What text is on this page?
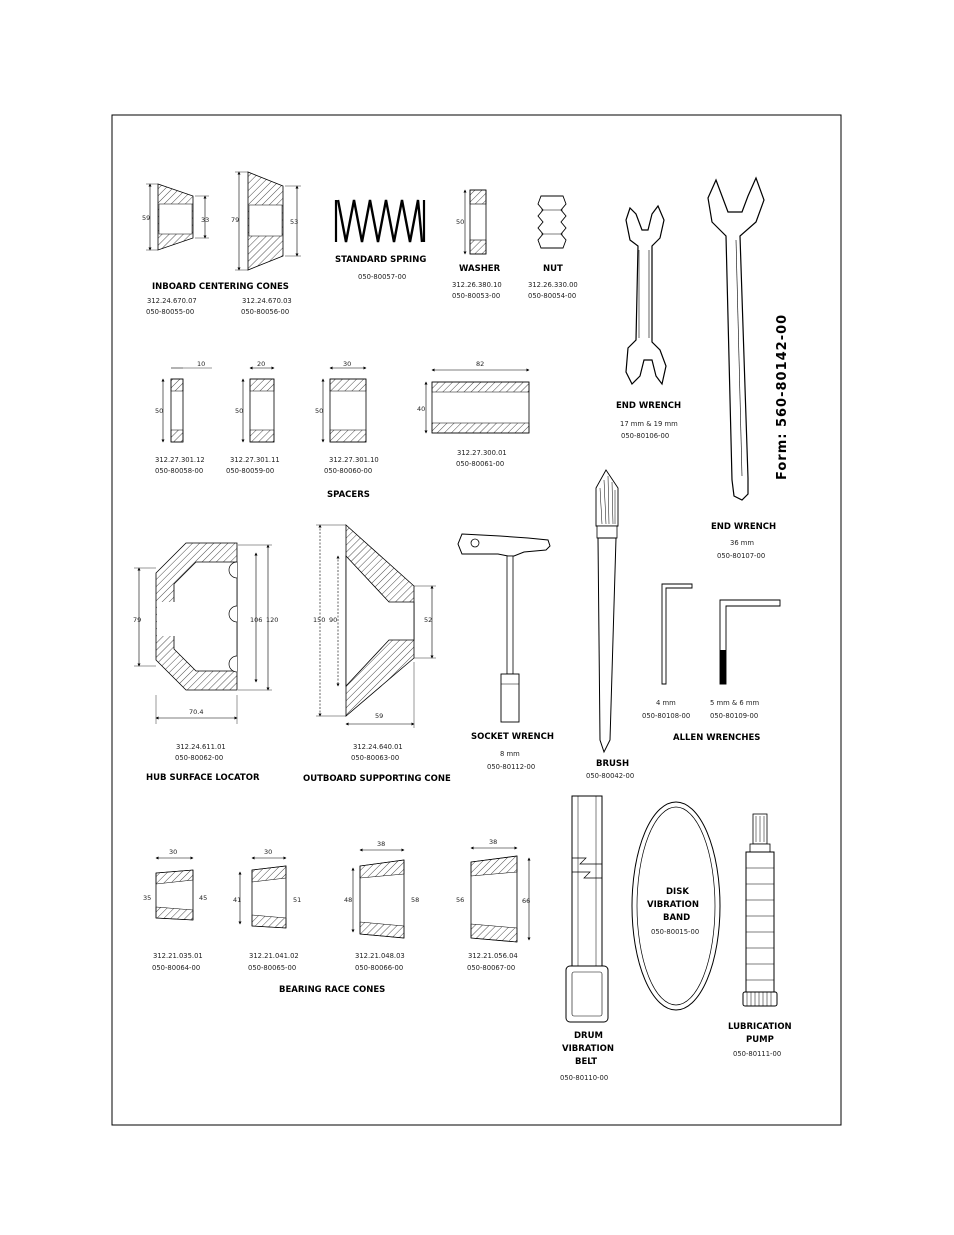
59	33
312.24.670.07
050-80055-00
79	53
312.24.670.03
050-80056-00
INBOARD CENTERING CONES
STANDARD SPRING
050-80057-00
50
WASHER
312.26.380.10
050-80053-00
NUT
312.26.330.00
050-80054-00
END WRENCH
17 mm & 19 mm
050-80106-00
END WRENCH
36 mm
050-80107-00
Form: 560-80142-00
50
10
312.27.301.12
050-80058-00
50
20
312.27.301.11
050-80059-00
50
30
312.27.301.10
050-80060-00
40
82
312.27.300.01
050-80061-00
SPACERS
79	106 120
70.4
312.24.611.01
050-80062-00
HUB SURFACE LOCATOR
150 90	52
59
312.24.640.01
050-80063-00
OUTBOARD SUPPORTING CONE
SOCKET WRENCH
8 mm
050-80112-00	BRUSH
050-80042-00
4 mm
050-80108-00
5 mm & 6 mm
050-80109-00
ALLEN WRENCHES
30
35	45
312.21.035.01
050-80064-00
30
41	51
312.21.041.02
050-80065-00
38
48	58
312.21.048.03
050-80066-00
38
56	66
312.21.056.04
050-80067-00
BEARING RACE CONES
DRUM
VIBRATION
BELT
050-80110-00
DISK
VIBRATION
BAND
050-80015-00
LUBRICATION
PUMP
050-80111-00
